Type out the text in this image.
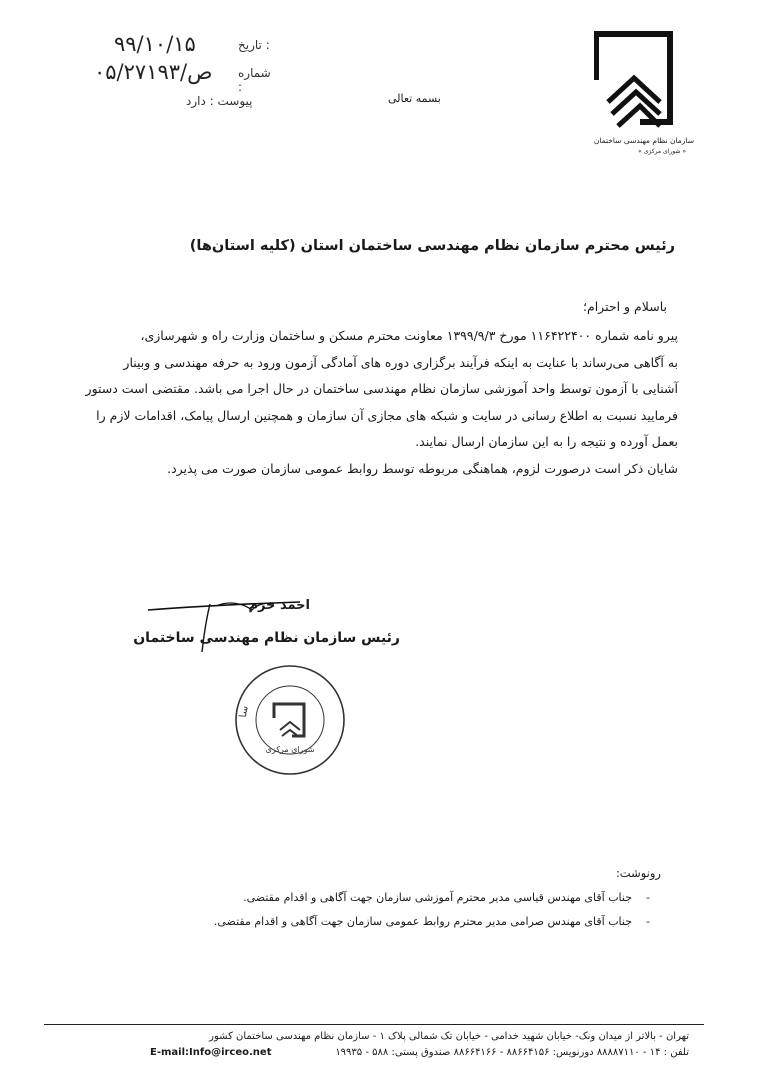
تاریخ :
۹۹/۱۰/۱۵
شماره :
۰۵/ص/۲۷۱۹۳
پیوست : دارد	بسمه تعالی
سازمان نظام مهندسی ساختمان
« شورای مرکزی »
رئیس محترم سازمان نظام مهندسی ساختمان استان (کلیه استان‌ها)
باسلام و احترام؛
پیرو نامه شماره ۱۱۶۴۲۲۴۰۰ مورخ ۱۳۹۹/۹/۳ معاونت محترم مسکن و ساختمان وزارت راه و شهرسازی،
به آگاهی می‌رساند با عنایت به اینکه فرآیند برگزاری دوره های آمادگی آزمون ورود به حرفه مهندسی و وبینار
آشنایی با آزمون توسط واحد آموزشی سازمان نظام مهندسی ساختمان در حال اجرا می باشد. مقتضی است دستور
فرمایید نسبت به اطلاع رسانی در سایت و شبکه های مجازی آن سازمان و همچنین ارسال پیامک، اقدامات لازم را
بعمل آورده و نتیجه را به این سازمان ارسال نمایند.
شایان ذکر است درصورت لزوم، هماهنگی مربوطه توسط روابط عمومی سازمان صورت می پذیرد.
احمد خرم
رئیس سازمان نظام مهندسی ساختمان
سا
شورای مرکزی
رونوشت:
-    جناب آقای مهندس قیاسی مدیر محترم آموزشی سازمان جهت آگاهی و اقدام مقتضی.
-    جناب آقای مهندس صرامی مدیر محترم روابط عمومی سازمان جهت آگاهی و اقدام مقتضی.
تهران - بالاتر از میدان ونک- خیابان شهید خدامی - خیابان تک شمالی پلاک ۱ - سازمان نظام مهندسی ساختمان کشور
تلفن : ۱۴ - ۸۸۸۸۷۱۱۰ دورنویس: ۸۸۶۶۴۱۵۶ - ۸۸۶۶۴۱۶۶ صندوق پستی: ۵۸۸ - ۱۹۹۳۵
E-mail:Info@irceo.net
